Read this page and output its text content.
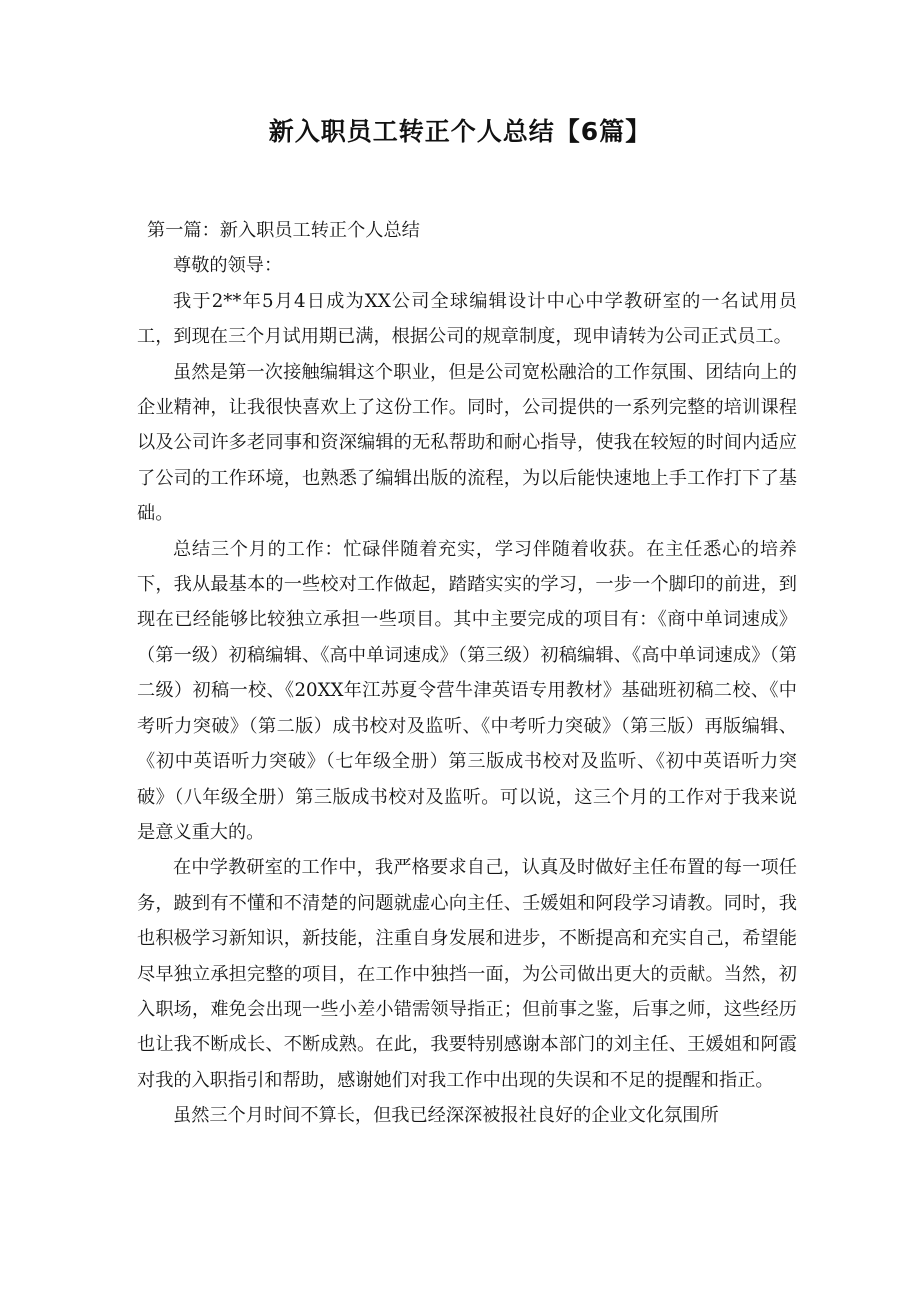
新入职员工转正个人总结【6篇】

第一篇：新入职员工转正个人总结

尊敬的领导：

我于2**年5月4日成为XX公司全球编辑设计中心中学教研室的一名试用员工，到现在三个月试用期已满，根据公司的规章制度，现申请转为公司正式员工。

虽然是第一次接触编辑这个职业，但是公司宽松融洽的工作氛围、团结向上的企业精神，让我很快喜欢上了这份工作。同时，公司提供的一系列完整的培训课程以及公司许多老同事和资深编辑的无私帮助和耐心指导，使我在较短的时间内适应了公司的工作环境，也熟悉了编辑出版的流程，为以后能快速地上手工作打下了基础。

总结三个月的工作：忙碌伴随着充实，学习伴随着收获。在主任悉心的培养下，我从最基本的一些校对工作做起，踏踏实实的学习，一步一个脚印的前进，到现在已经能够比较独立承担一些项目。其中主要完成的项目有：《商中单词速成》（第一级）初稿编辑、《高中单词速成》（第三级）初稿编辑、《高中单词速成》（第二级）初稿一校、《20XX年江苏夏令营牛津英语专用教材》基础班初稿二校、《中考听力突破》（第二版）成书校对及监听、《中考听力突破》（第三版）再版编辑、《初中英语听力突破》（七年级全册）第三版成书校对及监听、《初中英语听力突破》（八年级全册）第三版成书校对及监听。可以说，这三个月的工作对于我来说是意义重大的。

在中学教研室的工作中，我严格要求自己，认真及时做好主任布置的每一项任务，跛到有不懂和不清楚的问题就虚心向主任、壬媛姐和阿段学习请教。同时，我也积极学习新知识，新技能，注重自身发展和进步，不断提高和充实自己，希望能尽早独立承担完整的项目，在工作中独挡一面，为公司做出更大的贡献。当然，初入职场，难免会出现一些小差小错需领导指正；但前事之鉴，后事之师，这些经历也让我不断成长、不断成熟。在此，我要特别感谢本部门的刘主任、王媛姐和阿霞对我的入职指引和帮助，感谢她们对我工作中出现的失误和不足的提醒和指正。

虽然三个月时间不算长，但我已经深深被报社良好的企业文化氛围所
